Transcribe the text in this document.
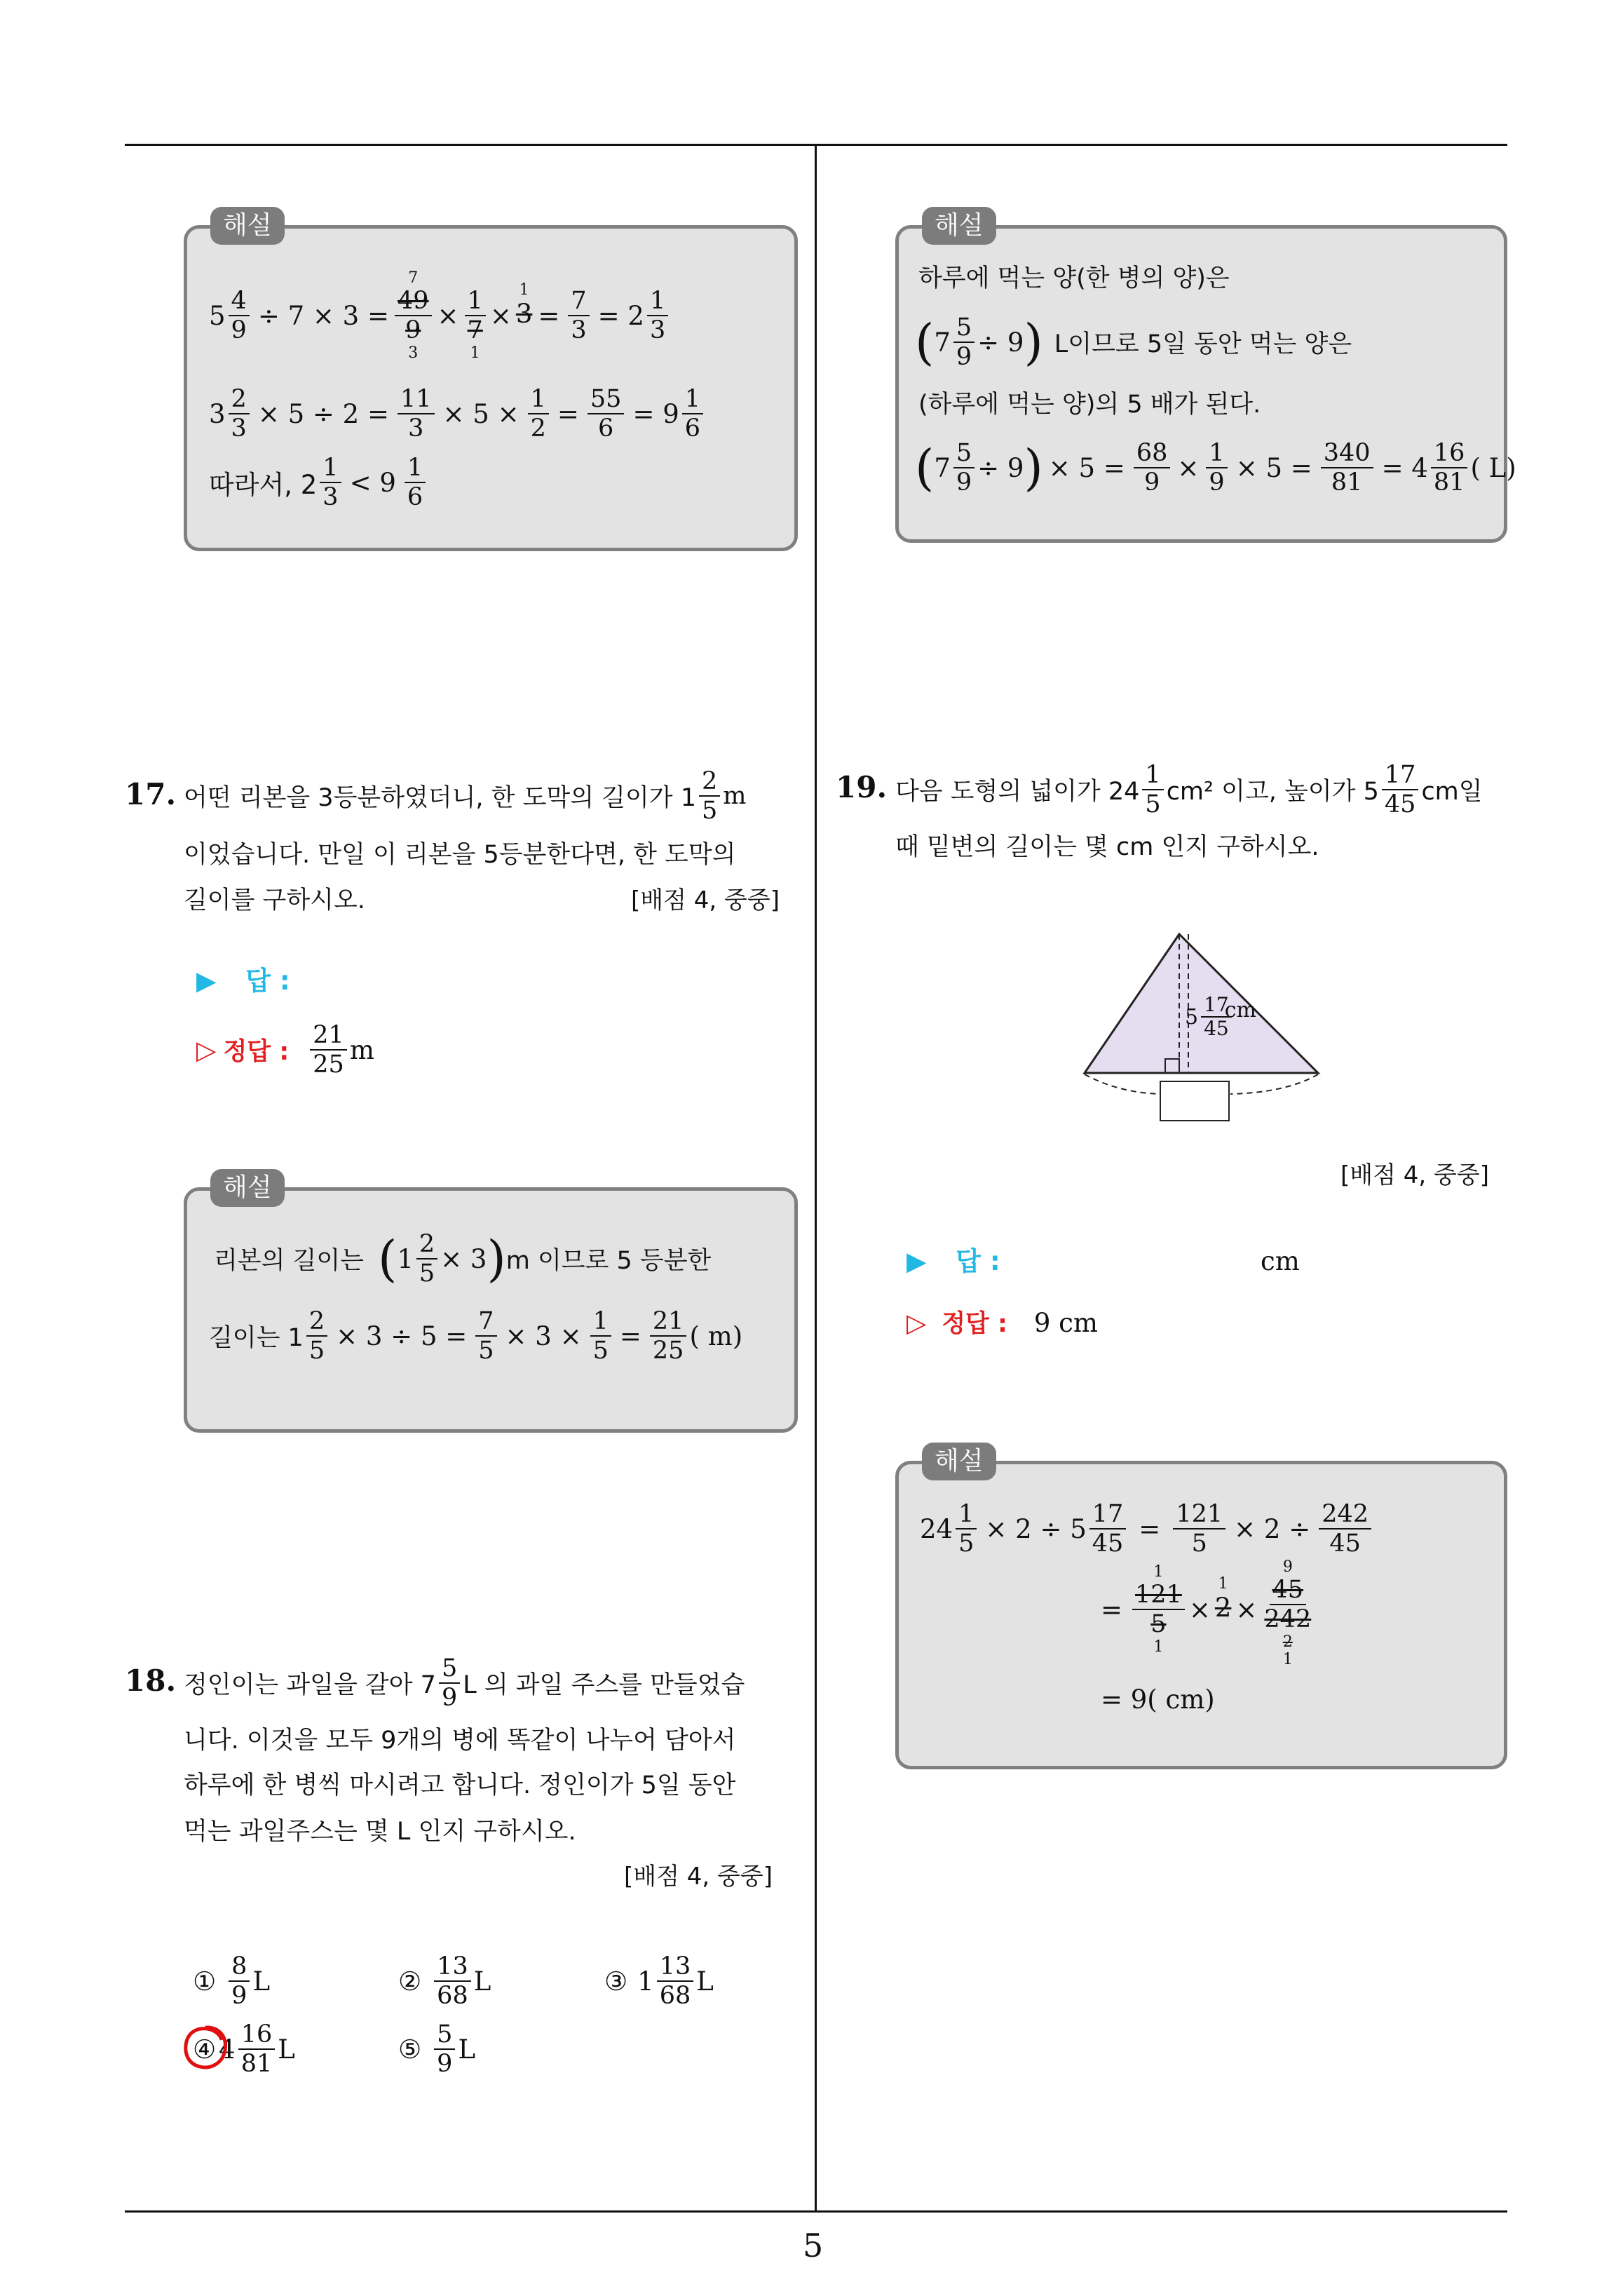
5
해설
$5 \frac{4}{9} \div 7 \times 3$ =
7
$\frac{49}{9}$
3
×
$\frac{1}{7}$
1
×
1
$3 = \frac{7}{3} = 2 \frac{1}{3}$
$3 \frac{2}{3} \times 5 \div 2 = \frac{11}{3} \times 5 \times \frac{1}{2} = \frac{55}{6} = 9 \frac{1}{6}$
따라서, $2 \frac{1}{3} < 9 \frac{1}{6}$
17. 어떤 리본을 3등분하였더니, 한 도막의 길이가 $1 \frac{2}{5}$ m
이었습니다. 만일 이 리본을 5등분한다면, 한 도막의
길이를 구하시오.	[배점 4, 중중]
▶ 답 :
▷ 정답 : $\frac{21}{25}$ m
해설
리본의 길이는 ( $1 \frac{2}{5} \times 3$ ) m 이므로 5 등분한
길이는 $1 \frac{2}{5} \times 3 \div 5 = \frac{7}{5} \times 3 \times \frac{1}{5} = \frac{21}{25}$ ( m)
18. 정인이는 과일을 갈아 $7 \frac{5}{9}$ L 의 과일 주스를 만들었습
니다. 이것을 모두 9개의 병에 똑같이 나누어 담아서
하루에 한 병씩 마시려고 합니다. 정인이가 5일 동안
먹는 과일주스는 몇 L 인지 구하시오.
[배점 4, 중중]
① $\frac{8}{9}$ L	② $\frac{13}{68}$ L	③ $1 \frac{13}{68}$ L
④ $4 \frac{16}{81}$ L	⑤ $\frac{5}{9}$ L
해설
하루에 먹는 양(한 병의 양)은
( $7 \frac{5}{9} \div 9$ ) L이므로 5일 동안 먹는 양은
(하루에 먹는 양)의 5 배가 된다.
( $7 \frac{5}{9} \div 9$ ) × $5 = \frac{68}{9} \times \frac{1}{9} \times 5 = \frac{340}{81} = 4 \frac{16}{81}$ ( L)
19. 다음 도형의 넓이가 $24 \frac{1}{5} cm^2$ 이고, 높이가 $5 \frac{17}{45}$ cm일
때 밑변의 길이는 몇 cm 인지 구하시오.
$5 \frac{17}{45}$
cm
[배점 4, 중중]
▶ 답 :	cm
▷ 정답 : 9 cm
해설
$24 \frac{1}{5} \times 2 \div 5 \frac{17}{45} = \frac{121}{5} \times 2 \div \frac{242}{45}$
=
1
$\frac{121}{5}$
1
×
1
2 ×
9
$\frac{45}{242}$
2
1
= 9( cm)
